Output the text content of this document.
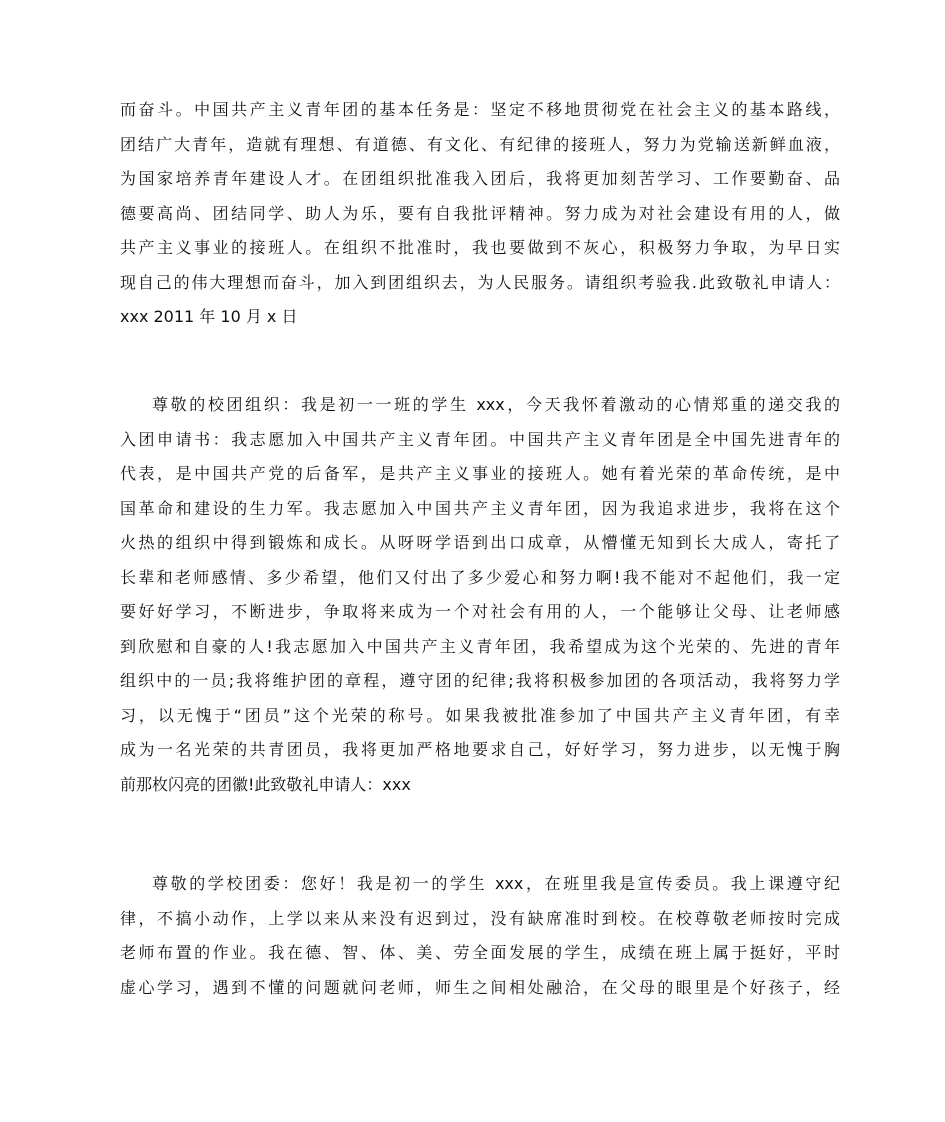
而奋斗。中国共产主义青年团的基本任务是：坚定不移地贯彻党在社会主义的基本路线，
团结广大青年，造就有理想、有道德、有文化、有纪律的接班人，努力为党输送新鲜血液，
为国家培养青年建设人才。在团组织批准我入团后，我将更加刻苦学习、工作要勤奋、品
德要高尚、团结同学、助人为乐，要有自我批评精神。努力成为对社会建设有用的人，做
共产主义事业的接班人。在组织不批准时，我也要做到不灰心，积极努力争取，为早日实
现自己的伟大理想而奋斗，加入到团组织去，为人民服务。请组织考验我.此致敬礼申请人：
xxx 2011 年 10 月 x 日
尊敬的校团组织：我是初一一班的学生 xxx，今天我怀着激动的心情郑重的递交我的
入团申请书：我志愿加入中国共产主义青年团。中国共产主义青年团是全中国先进青年的
代表，是中国共产党的后备军，是共产主义事业的接班人。她有着光荣的革命传统，是中
国革命和建设的生力军。我志愿加入中国共产主义青年团，因为我追求进步，我将在这个
火热的组织中得到锻炼和成长。从呀呀学语到出口成章，从懵懂无知到长大成人，寄托了
长辈和老师感情、多少希望，他们又付出了多少爱心和努力啊!我不能对不起他们，我一定
要好好学习，不断进步，争取将来成为一个对社会有用的人，一个能够让父母、让老师感
到欣慰和自豪的人!我志愿加入中国共产主义青年团，我希望成为这个光荣的、先进的青年
组织中的一员;我将维护团的章程，遵守团的纪律;我将积极参加团的各项活动，我将努力学
习，以无愧于“团员”这个光荣的称号。如果我被批准参加了中国共产主义青年团，有幸
成为一名光荣的共青团员，我将更加严格地要求自己，好好学习，努力进步，以无愧于胸
前那枚闪亮的团徽!此致敬礼申请人：xxx
尊敬的学校团委：您好！我是初一的学生 xxx，在班里我是宣传委员。我上课遵守纪
律，不搞小动作，上学以来从来没有迟到过，没有缺席准时到校。在校尊敬老师按时完成
老师布置的作业。我在德、智、体、美、劳全面发展的学生，成绩在班上属于挺好，平时
虚心学习，遇到不懂的问题就问老师，师生之间相处融洽，在父母的眼里是个好孩子，经
